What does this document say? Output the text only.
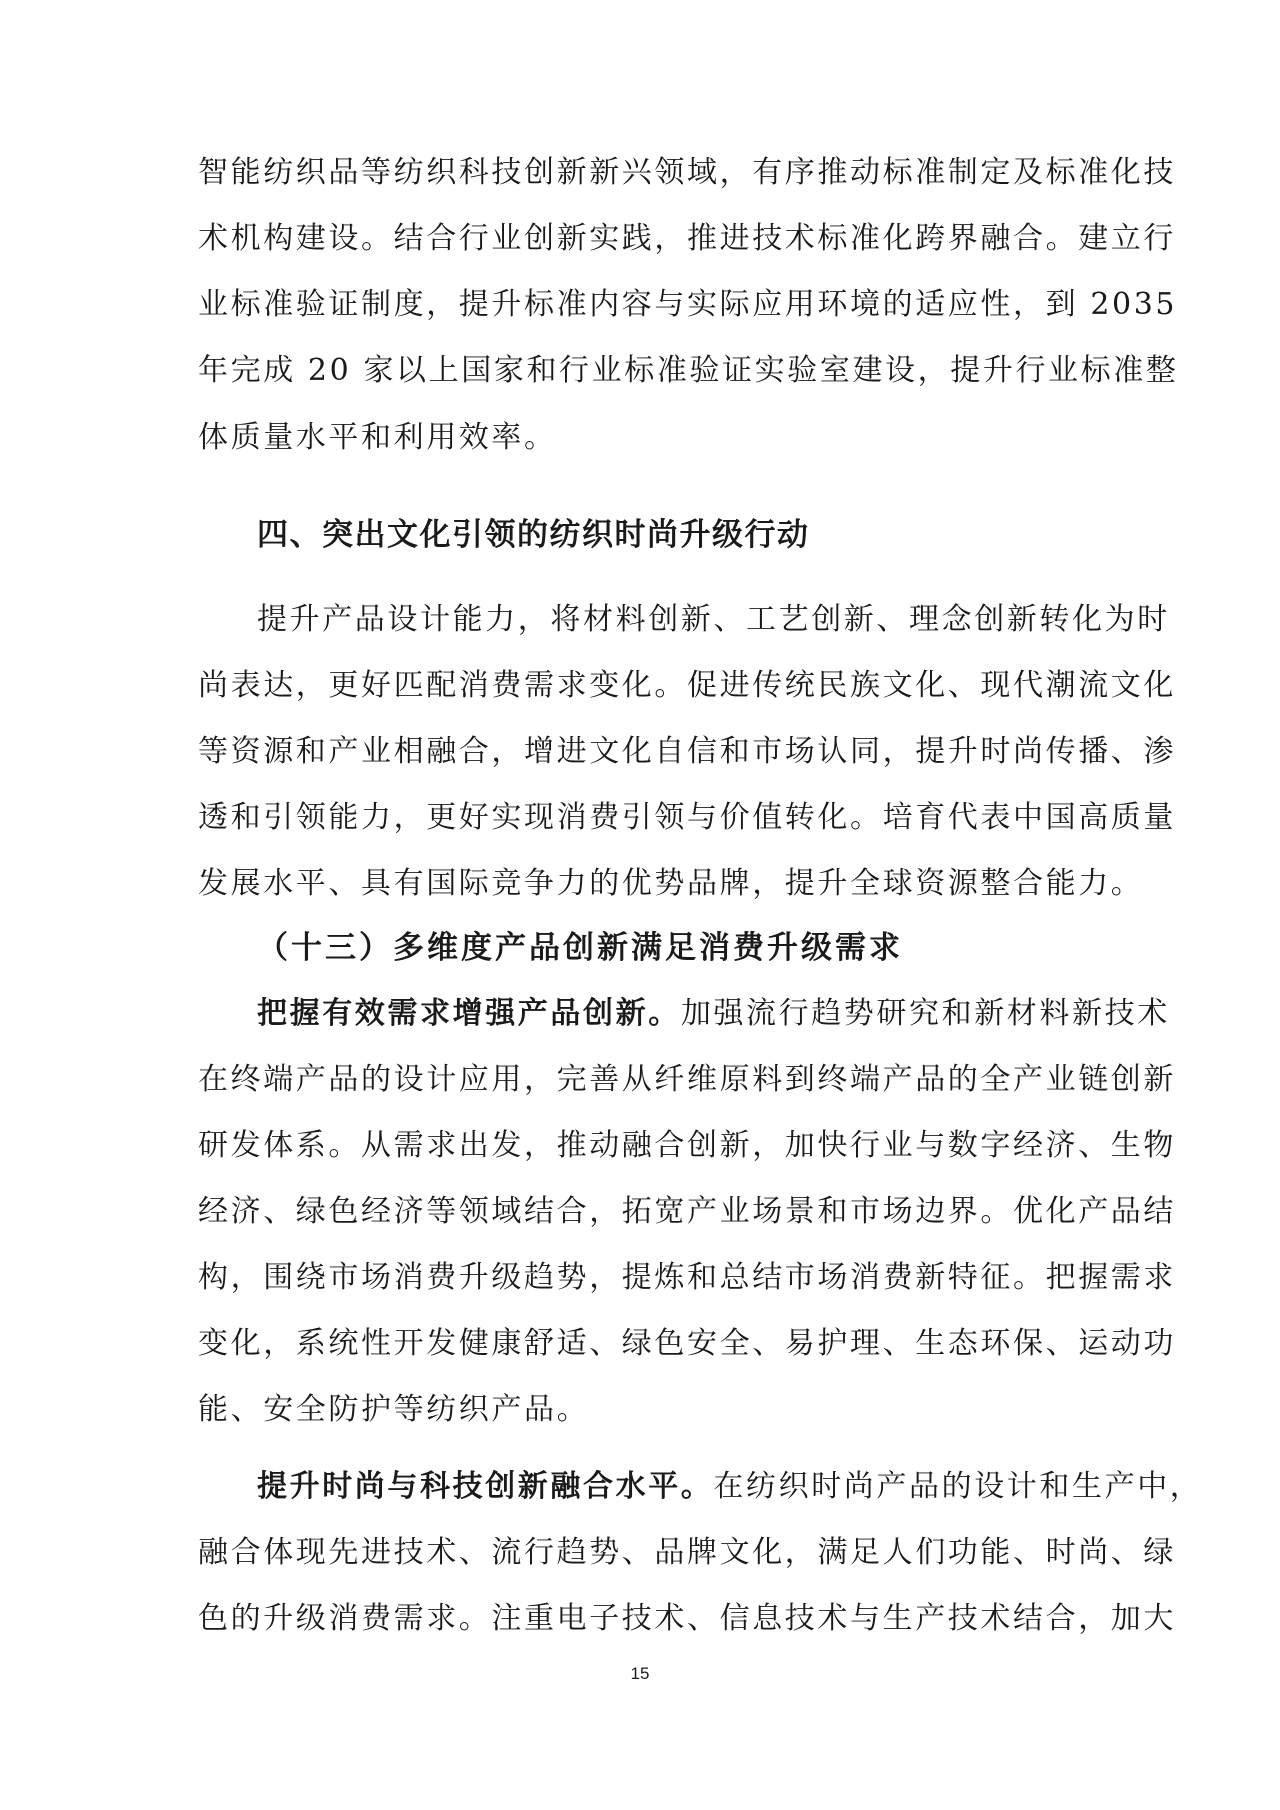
智能纺织品等纺织科技创新新兴领域，有序推动标准制定及标准化技
术机构建设。结合行业创新实践，推进技术标准化跨界融合。建立行
业标准验证制度，提升标准内容与实际应用环境的适应性，到 2035
年完成 20 家以上国家和行业标准验证实验室建设，提升行业标准整
体质量水平和利用效率。
四、突出文化引领的纺织时尚升级行动
提升产品设计能力，将材料创新、工艺创新、理念创新转化为时
尚表达，更好匹配消费需求变化。促进传统民族文化、现代潮流文化
等资源和产业相融合，增进文化自信和市场认同，提升时尚传播、渗
透和引领能力，更好实现消费引领与价值转化。培育代表中国高质量
发展水平、具有国际竞争力的优势品牌，提升全球资源整合能力。
（十三）多维度产品创新满足消费升级需求
把握有效需求增强产品创新。加强流行趋势研究和新材料新技术
在终端产品的设计应用，完善从纤维原料到终端产品的全产业链创新
研发体系。从需求出发，推动融合创新，加快行业与数字经济、生物
经济、绿色经济等领域结合，拓宽产业场景和市场边界。优化产品结
构，围绕市场消费升级趋势，提炼和总结市场消费新特征。把握需求
变化，系统性开发健康舒适、绿色安全、易护理、生态环保、运动功
能、安全防护等纺织产品。
提升时尚与科技创新融合水平。在纺织时尚产品的设计和生产中，
融合体现先进技术、流行趋势、品牌文化，满足人们功能、时尚、绿
色的升级消费需求。注重电子技术、信息技术与生产技术结合，加大
15
